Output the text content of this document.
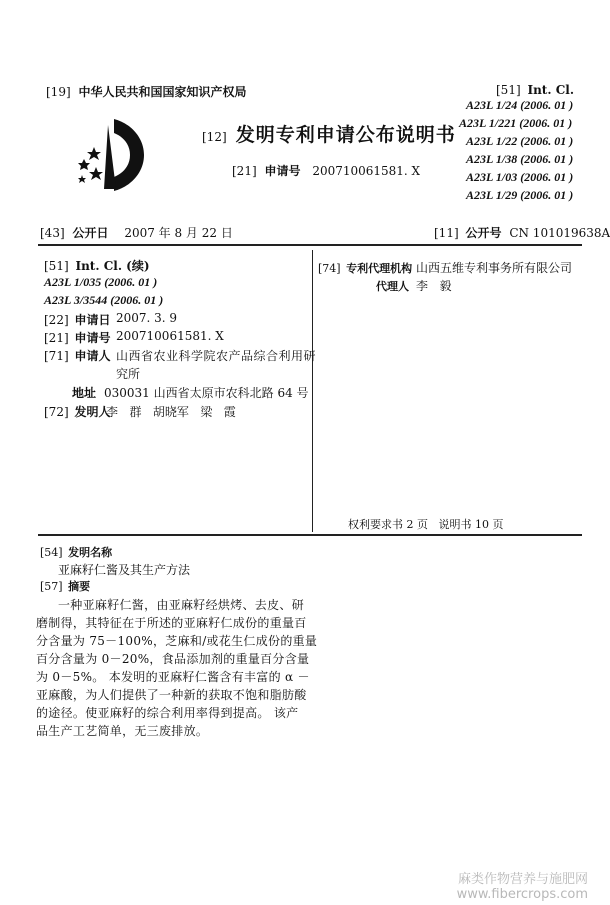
[19] 中华人民共和国国家知识产权局
[12] 发明专利申请公布说明书
[21] 申请号 200710061581. X
[51] Int. Cl.
A23L 1/24 (2006. 01 )
A23L 1/221 (2006. 01 )
A23L 1/22 (2006. 01 )
A23L 1/38 (2006. 01 )
A23L 1/03 (2006. 01 )
A23L 1/29 (2006. 01 )
[43] 公开日 2007 年 8 月 22 日	[11] 公开号 CN 101019638A
[51] Int. Cl. (续)
A23L 1/035 (2006. 01 )
A23L 3/3544 (2006. 01 )
[22] 申请日 2007. 3. 9
[21] 申请号 200710061581. X
[71] 申请人 山西省农业科学院农产品综合利用研
究所
地址 030031 山西省太原市农科北路 64 号
[72] 发明人
李   群   胡晓军   梁   霞
[74] 专利代理机构 山西五维专利事务所有限公司
代理人 李   毅
权利要求书 2 页   说明书 10 页
[54] 发明名称
亚麻籽仁酱及其生产方法
[57] 摘要
一种亚麻籽仁酱，由亚麻籽经烘烤、去皮、研
磨制得，其特征在于所述的亚麻籽仁成份的重量百
分含量为 75－100%，芝麻和/或花生仁成份的重量
百分含量为 0－20%，食品添加剂的重量百分含量
为 0－5%。 本发明的亚麻籽仁酱含有丰富的 α －
亚麻酸，为人们提供了一种新的获取不饱和脂肪酸
的途径。使亚麻籽的综合利用率得到提高。 该产
品生产工艺简单，无三废排放。
麻类作物营养与施肥网
www.fibercrops.com
